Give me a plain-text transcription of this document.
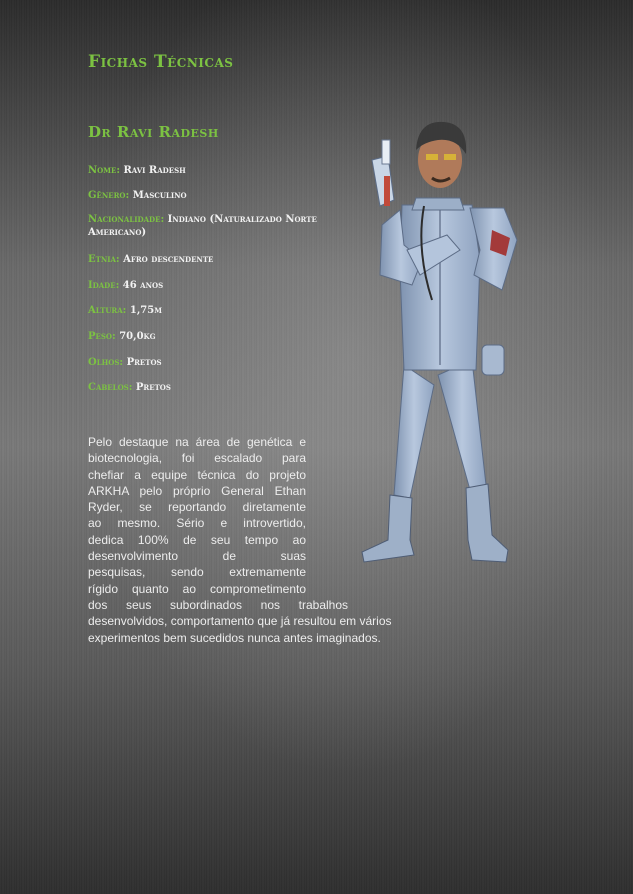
Fichas Técnicas
Dr Ravi Radesh
Nome: Ravi Radesh
Gênero: Masculino
Nacionalidade: Indiano (Naturalizado Norte Americano)
Etnia: Afro descendente
Idade: 46 anos
Altura: 1,75m
Peso: 70,0kg
Olhos: Pretos
Cabelos: Pretos
Pelo destaque na área de genética e
biotecnologia, foi escalado para
chefiar a equipe técnica do projeto
ARKHA pelo próprio General Ethan
Ryder, se reportando diretamente
ao mesmo. Sério e introvertido,
dedica 100% de seu tempo ao
desenvolvimento de suas
pesquisas, sendo extremamente
rígido quanto ao comprometimento
dos seus subordinados nos trabalhos
desenvolvidos, comportamento que já resultou em vários
experimentos bem sucedidos nunca antes imaginados.
